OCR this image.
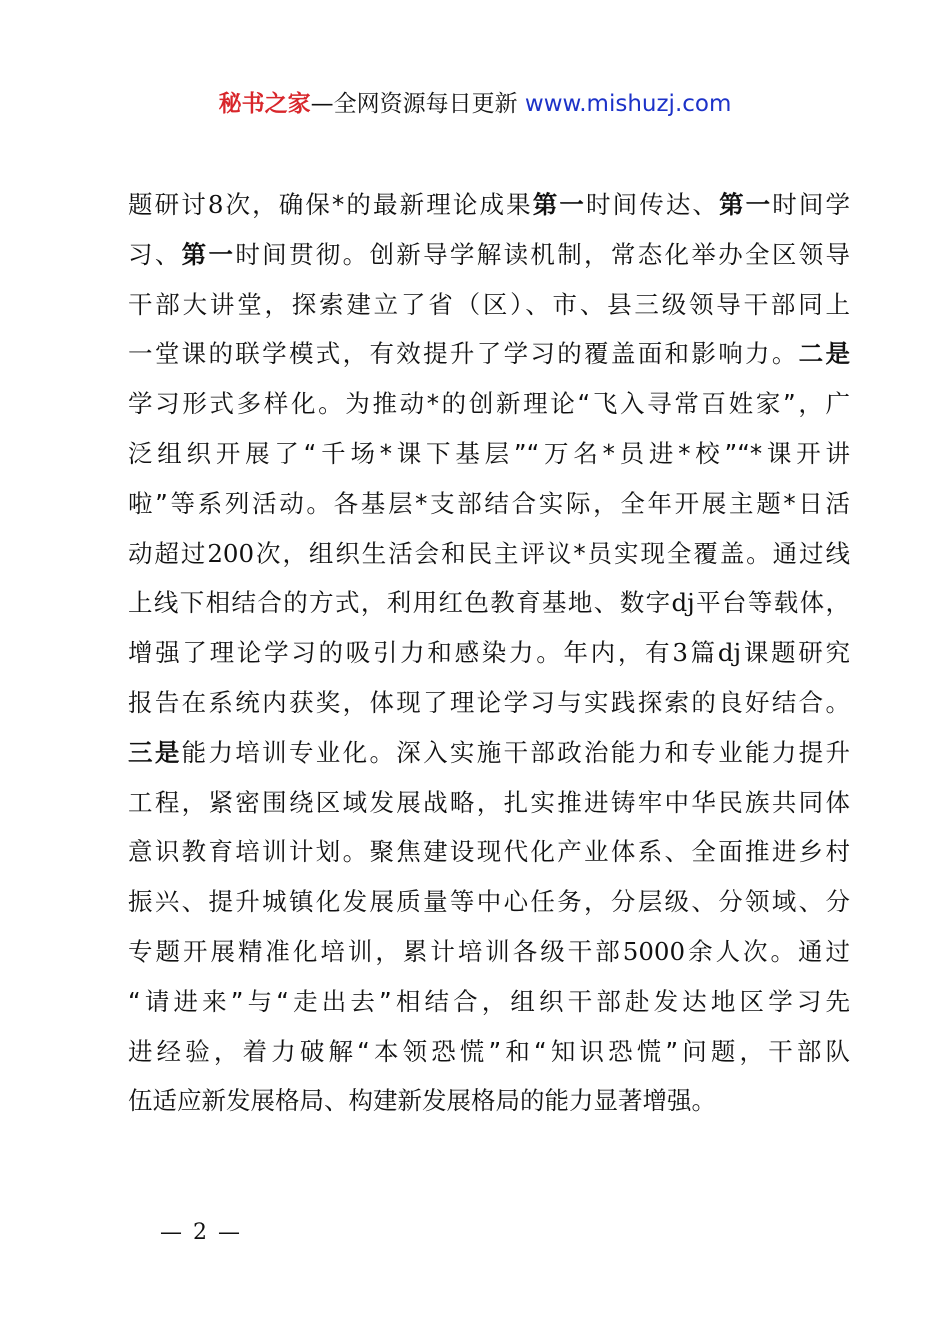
秘书之家—全网资源每日更新 www.mishuzj.com
题研讨8次，确保*的最新理论成果第一时间传达、第一时间学
习、第一时间贯彻。创新导学解读机制，常态化举办全区领导
干部大讲堂，探索建立了省（区）、市、县三级领导干部同上
一堂课的联学模式，有效提升了学习的覆盖面和影响力。二是
学习形式多样化。为推动*的创新理论“飞入寻常百姓家”，广
泛组织开展了“千场*课下基层”“万名*员进*校”“*课开讲
啦”等系列活动。各基层*支部结合实际，全年开展主题*日活
动超过200次，组织生活会和民主评议*员实现全覆盖。通过线
上线下相结合的方式，利用红色教育基地、数字dj平台等载体，
增强了理论学习的吸引力和感染力。年内，有3篇dj课题研究
报告在系统内获奖，体现了理论学习与实践探索的良好结合。
三是能力培训专业化。深入实施干部政治能力和专业能力提升
工程，紧密围绕区域发展战略，扎实推进铸牢中华民族共同体
意识教育培训计划。聚焦建设现代化产业体系、全面推进乡村
振兴、提升城镇化发展质量等中心任务，分层级、分领域、分
专题开展精准化培训，累计培训各级干部5000余人次。通过
“请进来”与“走出去”相结合，组织干部赴发达地区学习先
进经验，着力破解“本领恐慌”和“知识恐慌”问题，干部队
伍适应新发展格局、构建新发展格局的能力显著增强。
— 2 —
